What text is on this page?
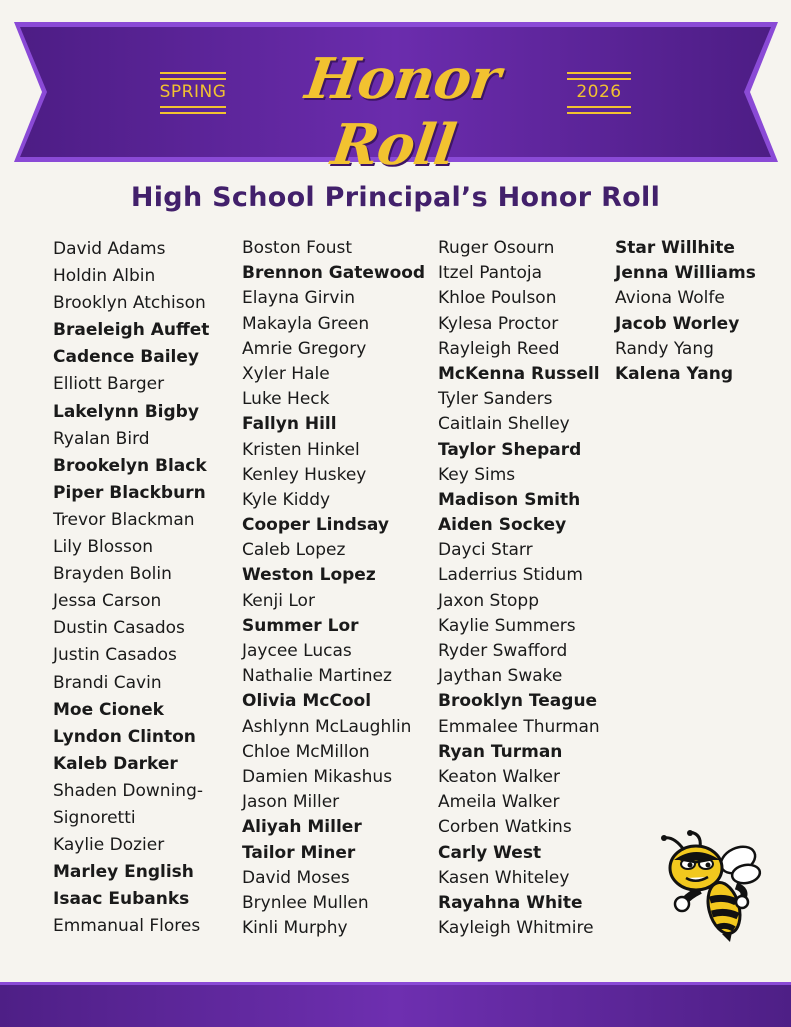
SPRING	Honor Roll
2026
High School Principal’s Honor Roll
David Adams
Holdin Albin
Brooklyn Atchison
Braeleigh Auffet
Cadence Bailey
Elliott Barger
Lakelynn Bigby
Ryalan Bird
Brookelyn Black
Piper Blackburn
Trevor Blackman
Lily Blosson
Brayden Bolin
Jessa Carson
Dustin Casados
Justin Casados
Brandi Cavin
Moe Cionek
Lyndon Clinton
Kaleb Darker
Shaden Downing-
Signoretti
Kaylie Dozier
Marley English
Isaac Eubanks
Emmanual Flores
Boston Foust
Brennon Gatewood
Elayna Girvin
Makayla Green
Amrie Gregory
Xyler Hale
Luke Heck
Fallyn Hill
Kristen Hinkel
Kenley Huskey
Kyle Kiddy
Cooper Lindsay
Caleb Lopez
Weston Lopez
Kenji Lor
Summer Lor
Jaycee Lucas
Nathalie Martinez
Olivia McCool
Ashlynn McLaughlin
Chloe McMillon
Damien Mikashus
Jason Miller
Aliyah Miller
Tailor Miner
David Moses
Brynlee Mullen
Kinli Murphy
Ruger Osourn
Itzel Pantoja
Khloe Poulson
Kylesa Proctor
Rayleigh Reed
McKenna Russell
Tyler Sanders
Caitlain Shelley
Taylor Shepard
Key Sims
Madison Smith
Aiden Sockey
Dayci Starr
Laderrius Stidum
Jaxon Stopp
Kaylie Summers
Ryder Swafford
Jaythan Swake
Brooklyn Teague
Emmalee Thurman
Ryan Turman
Keaton Walker
Ameila Walker
Corben Watkins
Carly West
Kasen Whiteley
Rayahna White
Kayleigh Whitmire
Star Willhite
Jenna Williams
Aviona Wolfe
Jacob Worley
Randy Yang
Kalena Yang
